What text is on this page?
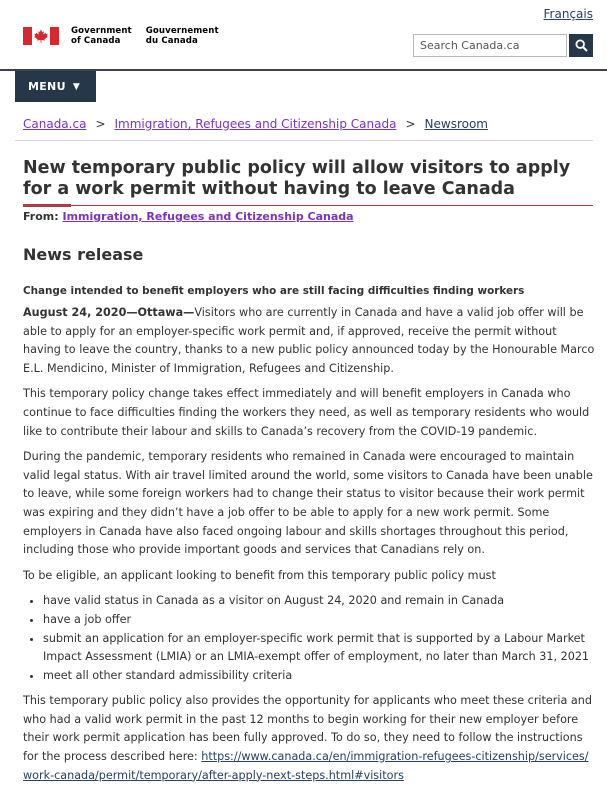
Français
Government
of Canada
Gouvernement
du Canada
Search Canada.ca
MENU ▼
Canada.ca > Immigration, Refugees and Citizenship Canada > Newsroom
New temporary public policy will allow visitors to apply for a work permit without having to leave Canada
From: Immigration, Refugees and Citizenship Canada
News release
Change intended to benefit employers who are still facing difficulties finding workers

August 24, 2020—Ottawa—Visitors who are currently in Canada and have a valid job offer will be able to apply for an employer-specific work permit and, if approved, receive the permit without having to leave the country, thanks to a new public policy announced today by the Honourable Marco E.L. Mendicino, Minister of Immigration, Refugees and Citizenship.

This temporary policy change takes effect immediately and will benefit employers in Canada who continue to face difficulties finding the workers they need, as well as temporary residents who would like to contribute their labour and skills to Canada’s recovery from the COVID-19 pandemic.

During the pandemic, temporary residents who remained in Canada were encouraged to maintain valid legal status. With air travel limited around the world, some visitors to Canada have been unable to leave, while some foreign workers had to change their status to visitor because their work permit was expiring and they didn’t have a job offer to be able to apply for a new work permit. Some employers in Canada have also faced ongoing labour and skills shortages throughout this period, including those who provide important goods and services that Canadians rely on.

To be eligible, an applicant looking to benefit from this temporary public policy must

• have valid status in Canada as a visitor on August 24, 2020 and remain in Canada
• have a job offer
• submit an application for an employer-specific work permit that is supported by a Labour Market Impact Assessment (LMIA) or an LMIA-exempt offer of employment, no later than March 31, 2021
• meet all other standard admissibility criteria

This temporary public policy also provides the opportunity for applicants who meet these criteria and who had a valid work permit in the past 12 months to begin working for their new employer before their work permit application has been fully approved. To do so, they need to follow the instructions for the process described here: https://www.canada.ca/en/immigration-refugees-citizenship/services/work-canada/permit/temporary/after-apply-next-steps.html#visitors
